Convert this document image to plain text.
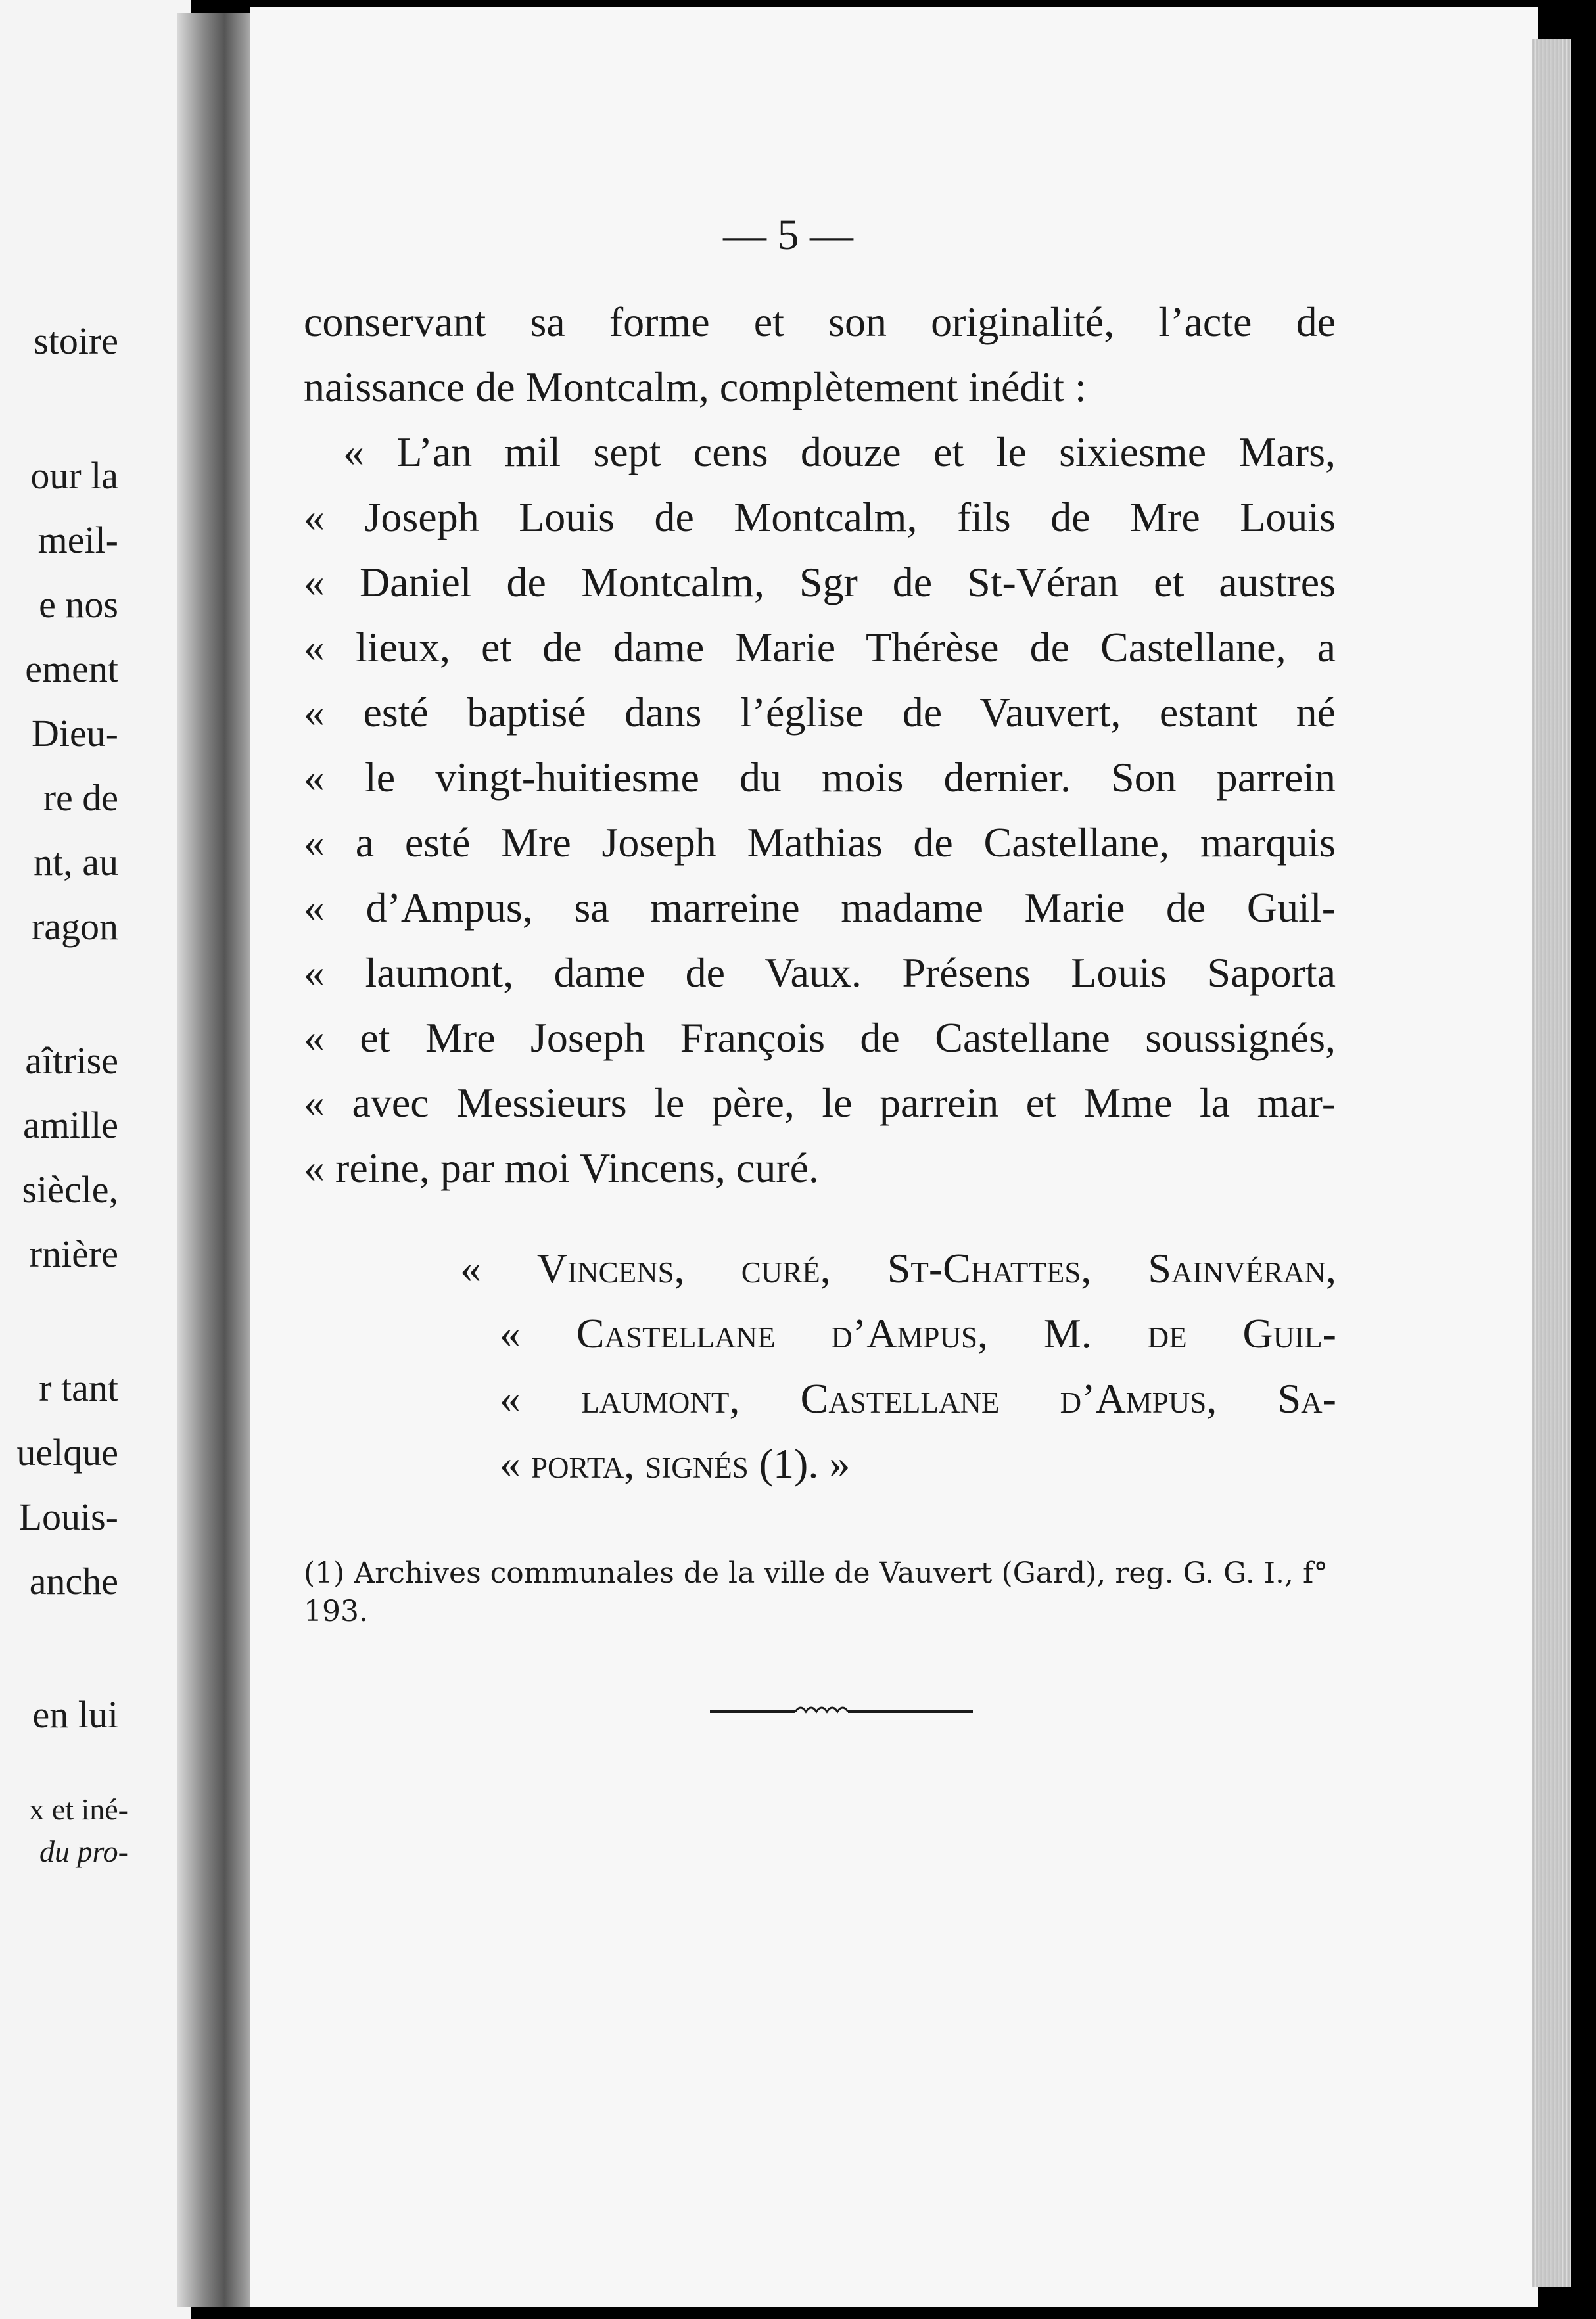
stoire
our la
meil-
e nos
ement
Dieu-
re de
nt, au
ragon
aîtrise
amille
siècle,
rnière
r tant
uelque
Louis-
anche
en lui
x et iné-
du pro-
— 5 —
conservant sa forme et son originalité, l’acte de
naissance de Montcalm, complètement inédit :
« L’an mil sept cens douze et le sixiesme Mars,
« Joseph Louis de Montcalm, fils de Mre Louis
« Daniel de Montcalm, Sgr de St-Véran et austres
« lieux, et de dame Marie Thérèse de Castellane, a
« esté baptisé dans l’église de Vauvert, estant né
« le vingt-huitiesme du mois dernier. Son parrein
« a esté Mre Joseph Mathias de Castellane, marquis
« d’Ampus, sa marreine madame Marie de Guil-
« laumont, dame de Vaux. Présens Louis Saporta
« et Mre Joseph François de Castellane soussignés,
« avec Messieurs le père, le parrein et Mme la mar-
« reine, par moi Vincens, curé.
« Vincens, curé, St-Chattes, Sainvéran,
« Castellane d’Ampus, M. de Guil-
« laumont, Castellane d’Ampus, Sa-
« porta, signés (1). »
(1) Archives communales de la ville de Vauvert (Gard), reg. G. G. I., f° 193.
